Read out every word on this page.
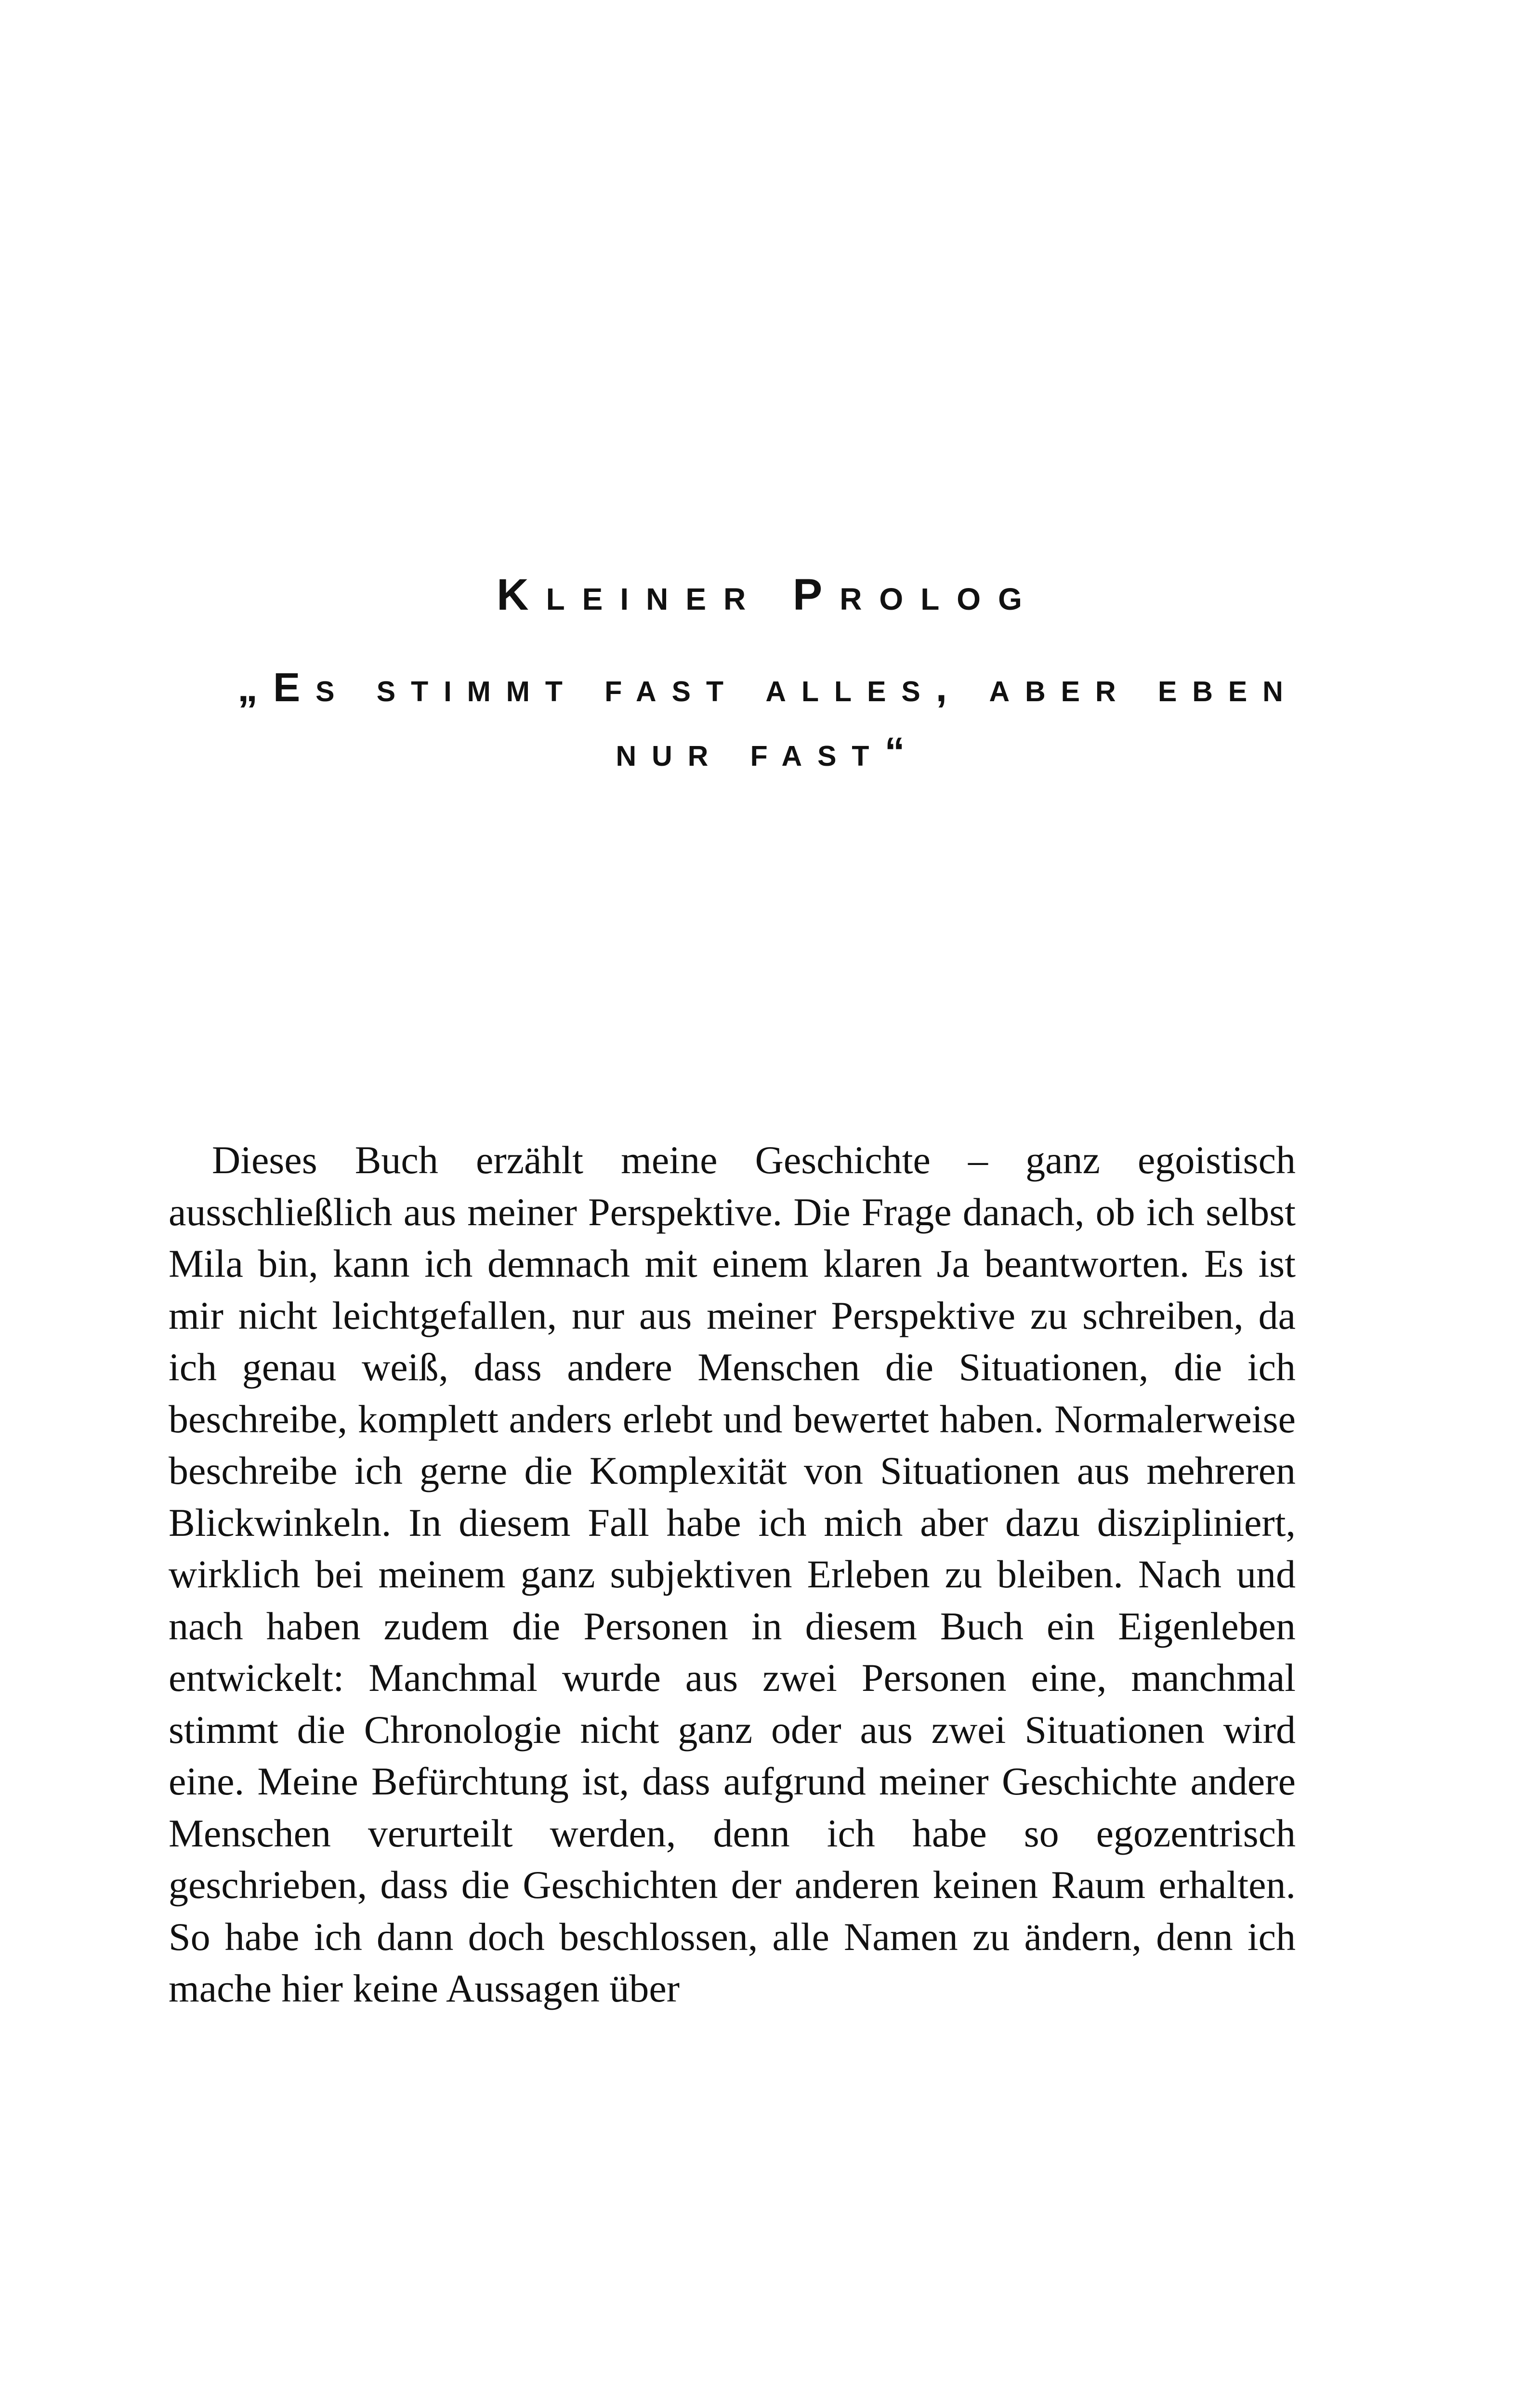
Kleiner Prolog
„Es stimmt fast alles, aber eben nur fast“

Dieses Buch erzählt meine Geschichte – ganz egoistisch ausschließlich aus meiner Perspektive. Die Frage danach, ob ich selbst Mila bin, kann ich demnach mit einem klaren Ja beantworten. Es ist mir nicht leichtgefallen, nur aus meiner Perspektive zu schreiben, da ich genau weiß, dass andere Menschen die Situationen, die ich beschreibe, komplett anders erlebt und bewertet haben. Normalerweise beschreibe ich gerne die Komplexität von Situationen aus mehreren Blickwinkeln. In diesem Fall habe ich mich aber dazu diszipliniert, wirklich bei meinem ganz subjektiven Erleben zu bleiben. Nach und nach haben zudem die Personen in diesem Buch ein Eigenleben entwickelt: Manchmal wurde aus zwei Personen eine, manchmal stimmt die Chronologie nicht ganz oder aus zwei Situationen wird eine. Meine Befürchtung ist, dass aufgrund meiner Geschichte andere Menschen verurteilt werden, denn ich habe so egozentrisch geschrieben, dass die Geschichten der anderen keinen Raum erhalten. So habe ich dann doch beschlossen, alle Namen zu ändern, denn ich mache hier keine Aussagen über
